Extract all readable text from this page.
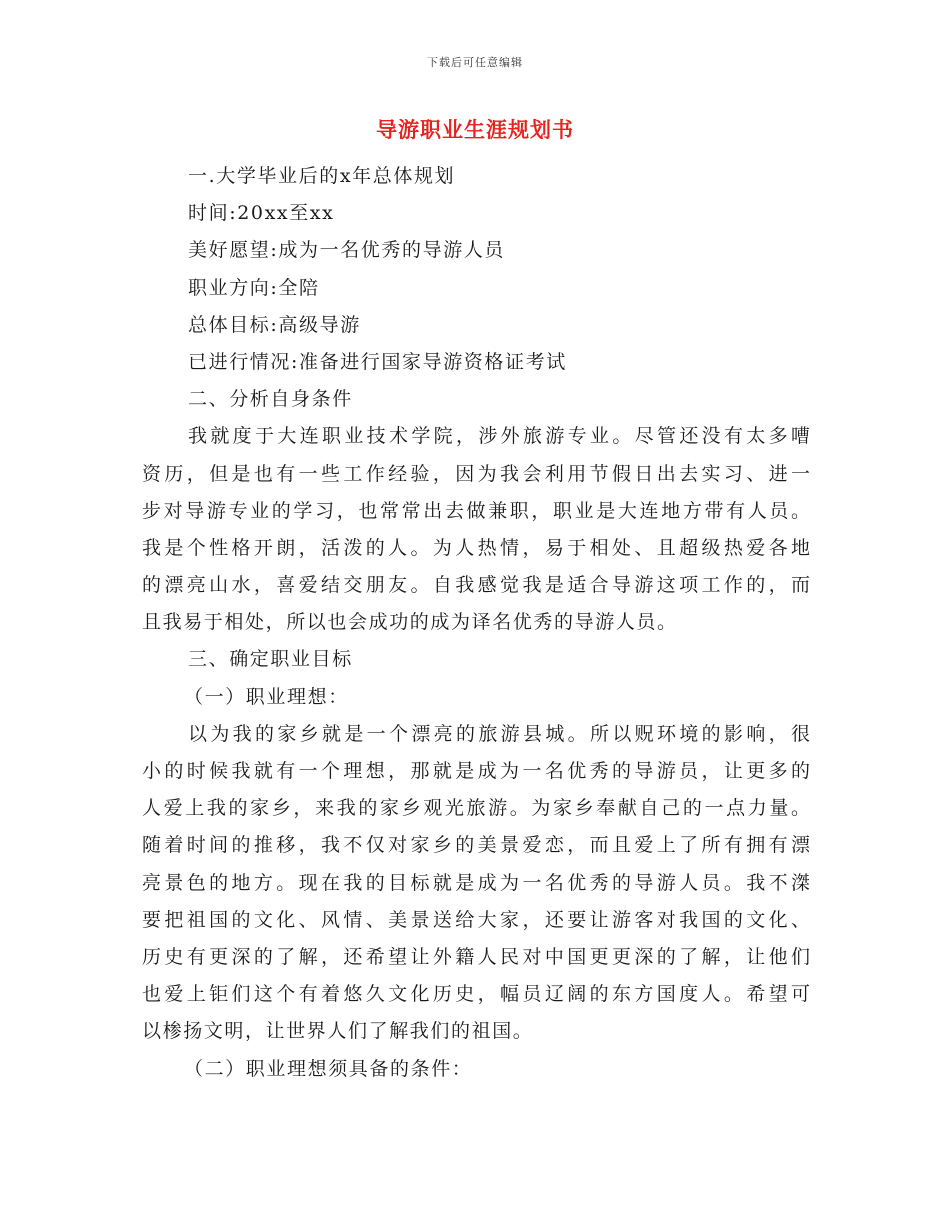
下载后可任意编辑
导游职业生涯规划书
一.大学毕业后的x年总体规划
时间:20xx至xx
美好愿望:成为一名优秀的导游人员
职业方向:全陪
总体目标:高级导游
已进行情况:准备进行国家导游资格证考试
二、分析自身条件
我就度于大连职业技术学院，涉外旅游专业。尽管还没有太多嘈
资历，但是也有一些工作经验，因为我会利用节假日出去实习、进一
步对导游专业的学习，也常常出去做兼职，职业是大连地方带有人员。
我是个性格开朗，活泼的人。为人热情，易于相处、且超级热爱各地
的漂亮山水，喜爱结交朋友。自我感觉我是适合导游这项工作的，而
且我易于相处，所以也会成功的成为译名优秀的导游人员。
三、确定职业目标
（一）职业理想：
以为我的家乡就是一个漂亮的旅游县城。所以贶环境的影响，很
小的时候我就有一个理想，那就是成为一名优秀的导游员，让更多的
人爱上我的家乡，来我的家乡观光旅游。为家乡奉献自己的一点力量。
随着时间的推移，我不仅对家乡的美景爱恋，而且爱上了所有拥有漂
亮景色的地方。现在我的目标就是成为一名优秀的导游人员。我不滐
要把祖国的文化、风情、美景送给大家，还要让游客对我国的文化、
历史有更深的了解，还希望让外籍人民对中国更更深的了解，让他们
也爱上钜们这个有着悠久文化历史，幅员辽阔的东方国度人。希望可
以椮扬文明，让世界人们了解我们的祖国。
（二）职业理想须具备的条件：
